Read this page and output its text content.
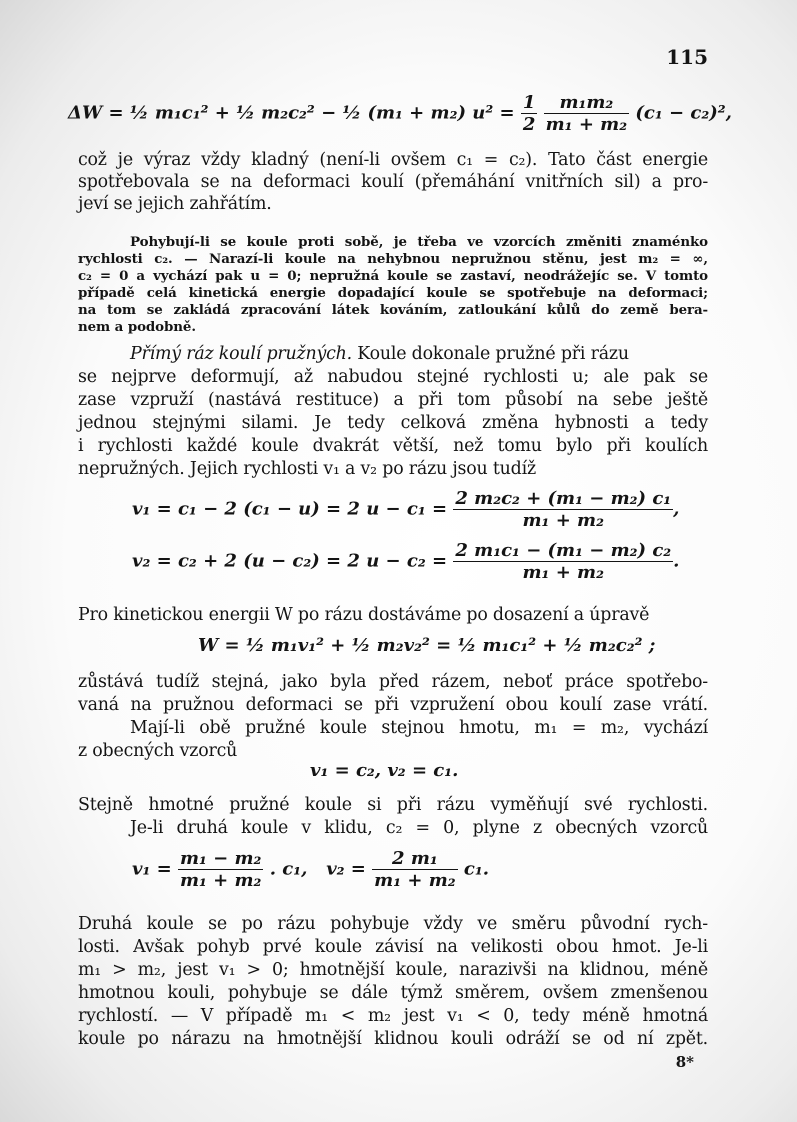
115
ΔW = ½ m₁c₁² + ½ m₂c₂² − ½ (m₁ + m₂) $u^2 = \frac{1}{2}$
$\frac{\text{m₁m₂}}{\text{m₁ + m₂}} (c_1 - c_2)^2$,
což je výraz vždy kladný (není-li ovšem c₁ = c₂). Tato část energie
spotřebovala se na deformaci koulí (přemáhání vnitřních sil) a pro-
jeví se jejich zahřátím.
Pohybují-li se koule proti sobě, je třeba ve vzorcích změniti znaménko
rychlosti c₂. — Narazí-li koule na nehybnou nepružnou stěnu, jest m₂ = ∞,
c₂ = 0 a vychází pak u = 0; nepružná koule se zastaví, neodrážejíc se. V tomto
případě celá kinetická energie dopadající koule se spotřebuje na deformaci;
na tom se zakládá zpracování látek kováním, zatloukání kůlů do země bera-
nem a podobně.
Přímý ráz koulí pružných. Koule dokonale pružné při rázu
se nejprve deformují, až nabudou stejné rychlosti u; ale pak se
zase vzpruží (nastává restituce) a při tom působí na sebe ještě
jednou stejnými silami. Je tedy celková změna hybnosti a tedy
i rychlosti každé koule dvakrát větší, než tomu bylo při koulích
nepružných. Jejich rychlosti v₁ a v₂ po rázu jsou tudíž
v₁ = c₁ − 2 (c₁ − u) = 2 $u - c_1 = \frac{\text{2 m₂c₂ + (m₁ − m₂) c₁}}{\text{m₁ + m₂}}$ ,
v₂ = c₂ + 2 (u − c₂) = 2 $u - c_2 = \frac{\text{2 m₁c₁ − (m₁ − m₂) c₂}}{\text{m₁ + m₂}}$ .
Pro kinetickou energii W po rázu dostáváme po dosazení a úpravě
W = ½ m₁v₁² + ½ m₂v₂² = ½ m₁c₁² + ½ m₂c₂² ;
zůstává tudíž stejná, jako byla před rázem, neboť práce spotřebo-
vaná na pružnou deformaci se při vzpružení obou koulí zase vrátí.
Mají-li obě pružné koule stejnou hmotu, m₁ = m₂, vychází
z obecných vzorců
v₁ = c₂, v₂ = c₁.
Stejně hmotné pružné koule si při rázu vyměňují své rychlosti.
Je-li druhá koule v klidu, c₂ = 0, plyne z obecných vzorců
$v_1 = \frac{\text{m₁ − m₂}}{\text{m₁ + m₂}}$ . c₁, $v_2 = \frac{\text{2 m₁}}{\text{m₁ + m₂}} c_1$.
Druhá koule se po rázu pohybuje vždy ve směru původní rych-
losti. Avšak pohyb prvé koule závisí na velikosti obou hmot. Je-li
m₁ > m₂, jest v₁ > 0; hmotnější koule, narazivši na klidnou, méně
hmotnou kouli, pohybuje se dále týmž směrem, ovšem zmenšenou
rychlostí. — V případě m₁ < m₂ jest v₁ < 0, tedy méně hmotná
koule po nárazu na hmotnější klidnou kouli odráží se od ní zpět.
8*
